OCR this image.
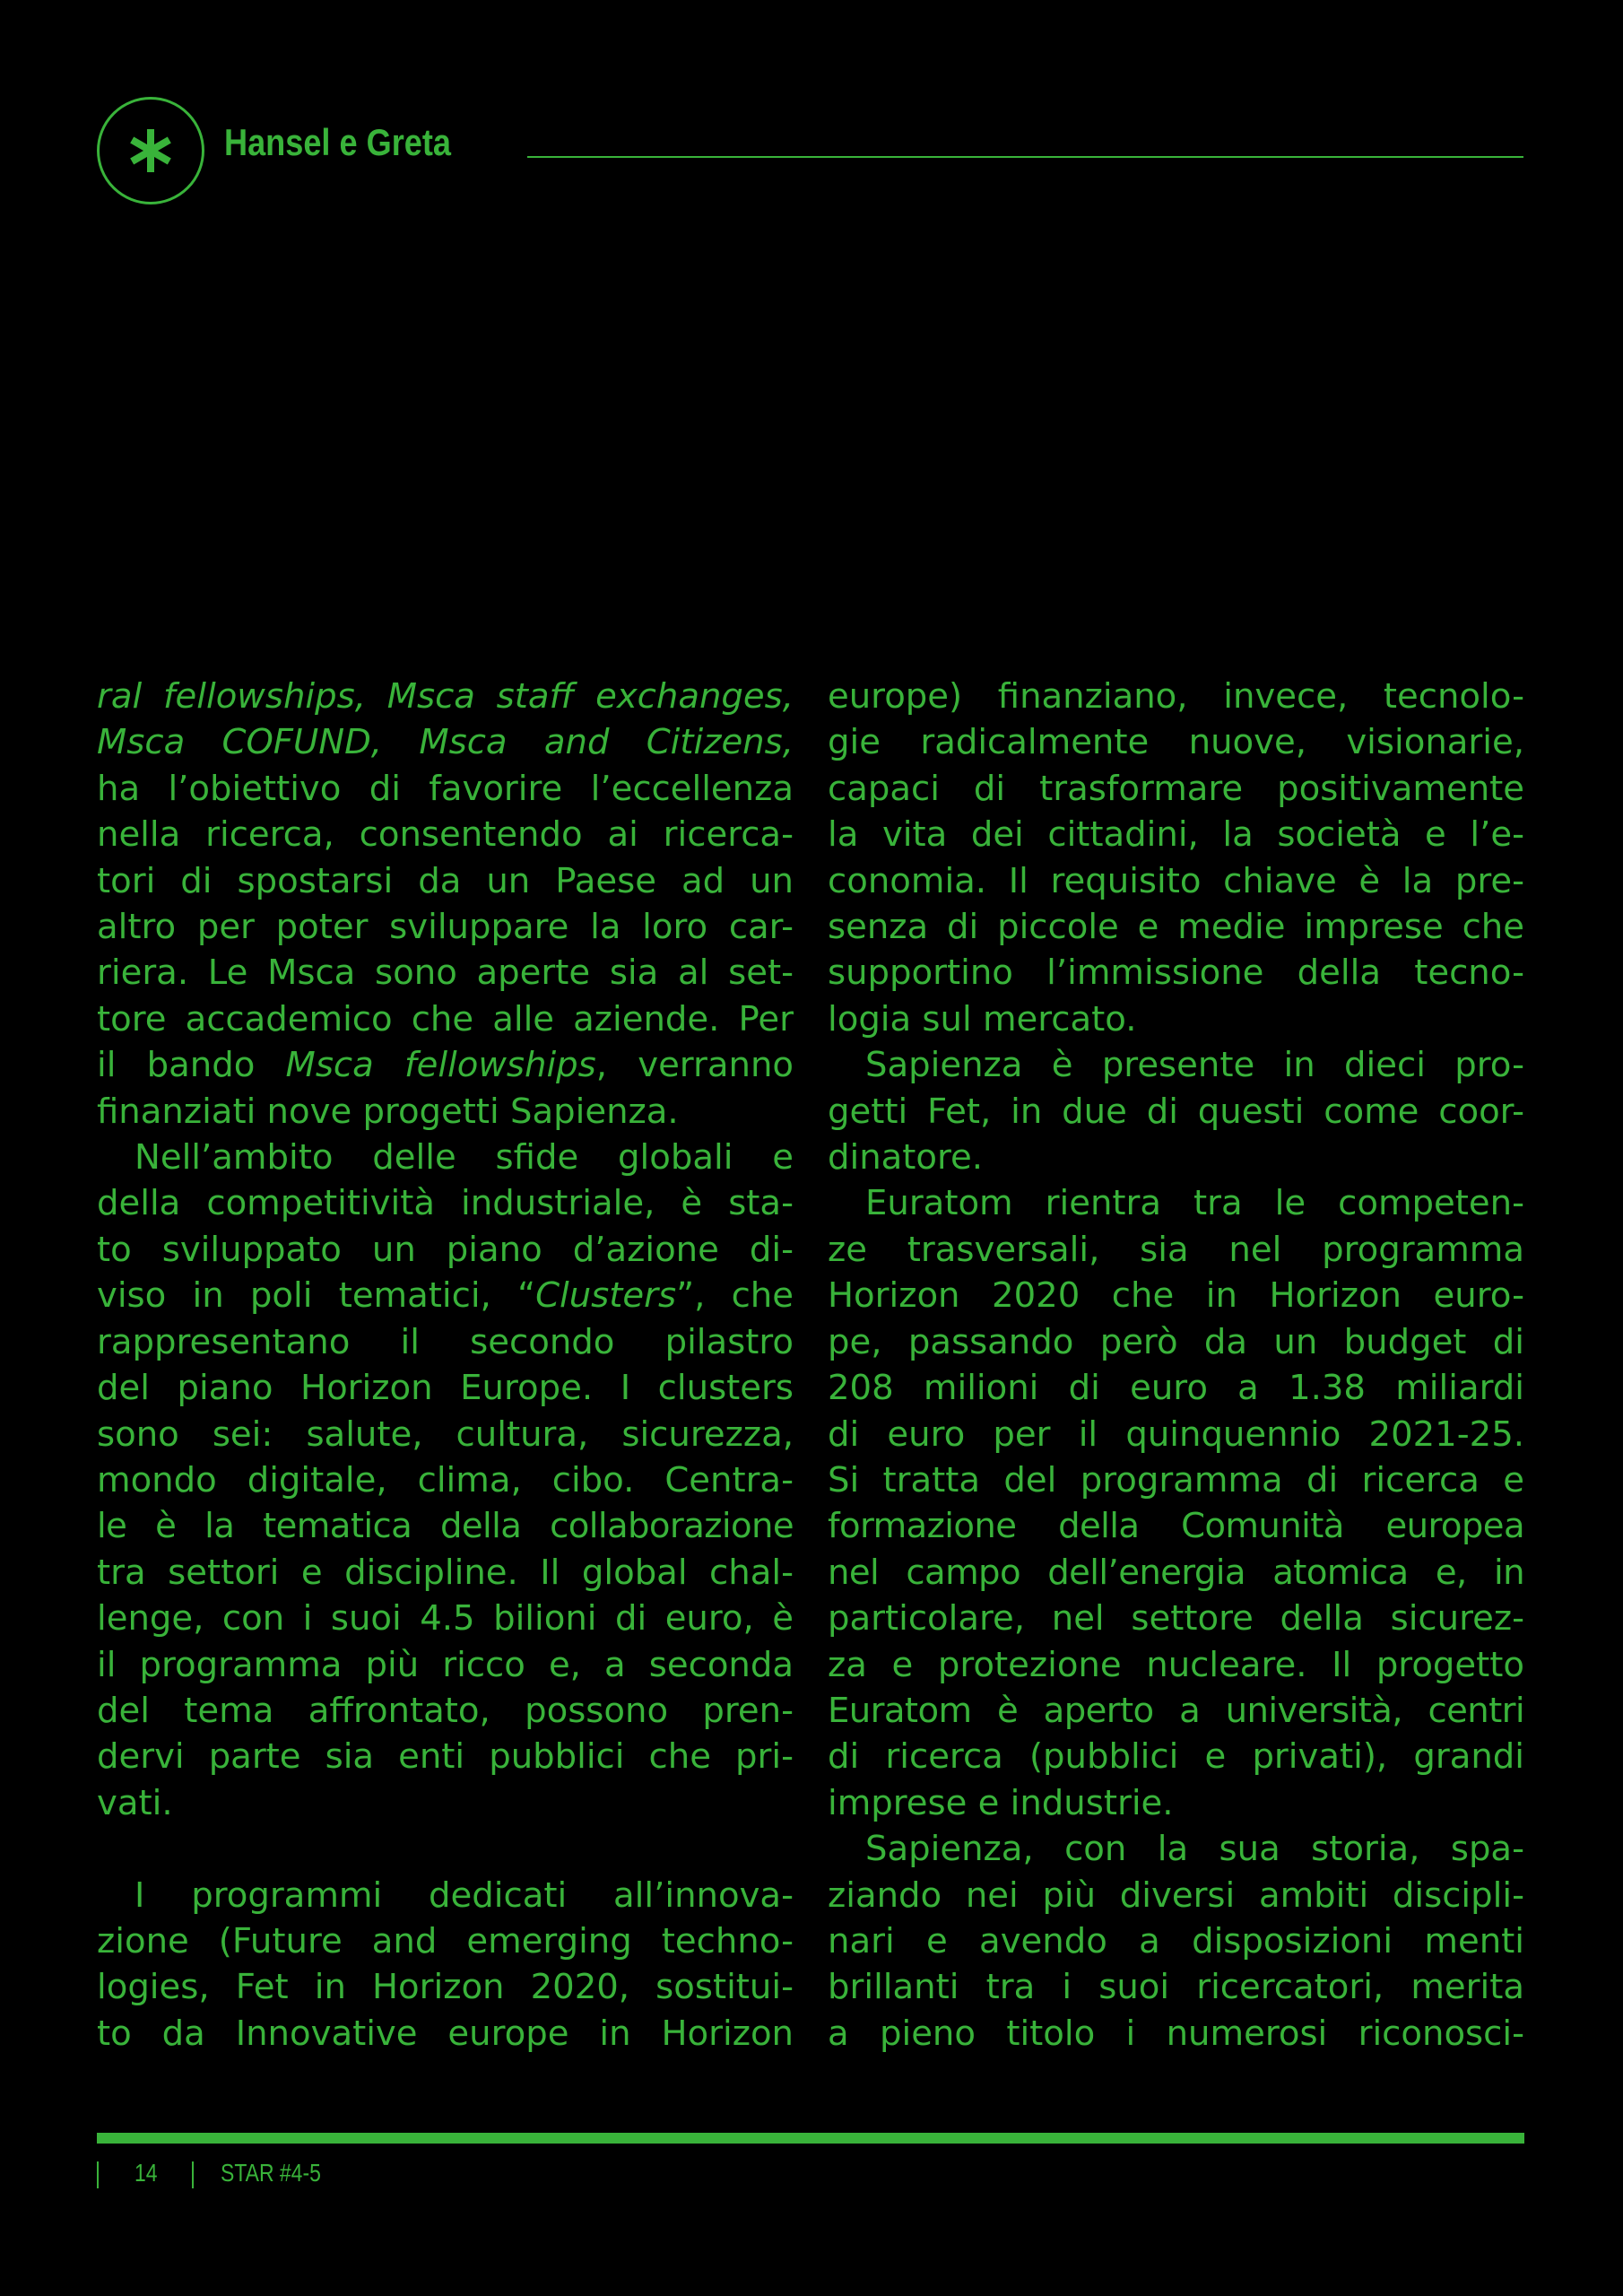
Hansel e Greta

ral fellowships, Msca staff exchanges,
Msca COFUND, Msca and Citizens,
ha l’obiettivo di favorire l’eccellenza
nella ricerca, consentendo ai ricerca-
tori di spostarsi da un Paese ad un
altro per poter sviluppare la loro car-
riera. Le Msca sono aperte sia al set-
tore accademico che alle aziende. Per
il bando Msca fellowships, verranno
finanziati nove progetti Sapienza.

Nell’ambito delle sfide globali e
della competitività industriale, è sta-
to sviluppato un piano d’azione di-
viso in poli tematici, “Clusters”, che
rappresentano il secondo pilastro
del piano Horizon Europe. I clusters
sono sei: salute, cultura, sicurezza,
mondo digitale, clima, cibo. Centra-
le è la tematica della collaborazione
tra settori e discipline. Il global chal-
lenge, con i suoi 4.5 bilioni di euro, è
il programma più ricco e, a seconda
del tema affrontato, possono pren-
dervi parte sia enti pubblici che pri-
vati.

I programmi dedicati all’innova-
zione (Future and emerging techno-
logies, Fet in Horizon 2020, sostitui-
to da Innovative europe in Horizon

europe) finanziano, invece, tecnolo-
gie radicalmente nuove, visionarie,
capaci di trasformare positivamente
la vita dei cittadini, la società e l’e-
conomia. Il requisito chiave è la pre-
senza di piccole e medie imprese che
supportino l’immissione della tecno-
logia sul mercato.

Sapienza è presente in dieci pro-
getti Fet, in due di questi come coor-
dinatore.

Euratom rientra tra le competen-
ze trasversali, sia nel programma
Horizon 2020 che in Horizon euro-
pe, passando però da un budget di
208 milioni di euro a 1.38 miliardi
di euro per il quinquennio 2021-25.
Si tratta del programma di ricerca e
formazione della Comunità europea
nel campo dell’energia atomica e, in
particolare, nel settore della sicurez-
za e protezione nucleare. Il progetto
Euratom è aperto a università, centri
di ricerca (pubblici e privati), grandi
imprese e industrie.

Sapienza, con la sua storia, spa-
ziando nei più diversi ambiti discipli-
nari e avendo a disposizioni menti
brillanti tra i suoi ricercatori, merita
a pieno titolo i numerosi riconosci-

14	STAR #4-5
